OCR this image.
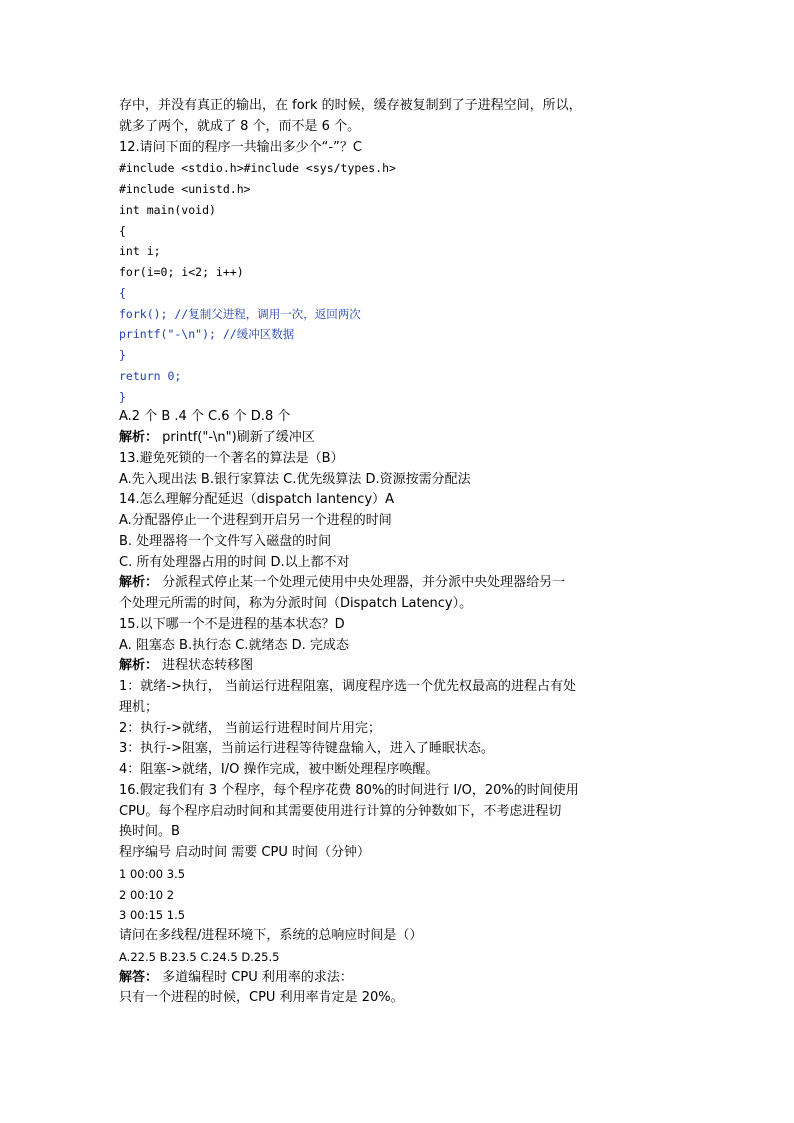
存中，并没有真正的输出，在 fork 的时候，缓存被复制到了子进程空间，所以，
就多了两个，就成了 8 个，而不是 6 个。
12.请问下面的程序一共输出多少个“-”？C
#include <stdio.h>#include <sys/types.h>
#include <unistd.h>
int main(void)
{
int i;
for(i=0; i<2; i++)
{
fork(); //复制父进程，调用一次，返回两次
printf("-\n"); //缓冲区数据
}
return 0;
}
A.2 个 B .4 个 C.6 个 D.8 个
解析： printf("-\n")刷新了缓冲区
13.避免死锁的一个著名的算法是（B）
A.先入现出法 B.银行家算法 C.优先级算法 D.资源按需分配法
14.怎么理解分配延迟（dispatch lantency）A
A.分配器停止一个进程到开启另一个进程的时间
B. 处理器将一个文件写入磁盘的时间
C. 所有处理器占用的时间 D.以上都不对
解析： 分派程式停止某一个处理元使用中央处理器，并分派中央处理器给另一
个处理元所需的时间，称为分派时间（Dispatch Latency）。
15.以下哪一个不是进程的基本状态？D
A. 阻塞态 B.执行态 C.就绪态 D. 完成态
解析： 进程状态转移图
1：就绪->执行， 当前运行进程阻塞，调度程序选一个优先权最高的进程占有处
理机；
2：执行->就绪， 当前运行进程时间片用完；
3：执行->阻塞，当前运行进程等待键盘输入，进入了睡眠状态。
4：阻塞->就绪，I/O 操作完成，被中断处理程序唤醒。
16.假定我们有 3 个程序，每个程序花费 80%的时间进行 I/O，20%的时间使用
CPU。每个程序启动时间和其需要使用进行计算的分钟数如下，不考虑进程切
换时间。B
程序编号 启动时间 需要 CPU 时间（分钟）
1 00:00 3.5
2 00:10 2
3 00:15 1.5
请问在多线程/进程环境下，系统的总响应时间是（）
A.22.5 B.23.5 C.24.5 D.25.5
解答： 多道编程时 CPU 利用率的求法：
只有一个进程的时候，CPU 利用率肯定是 20%。
